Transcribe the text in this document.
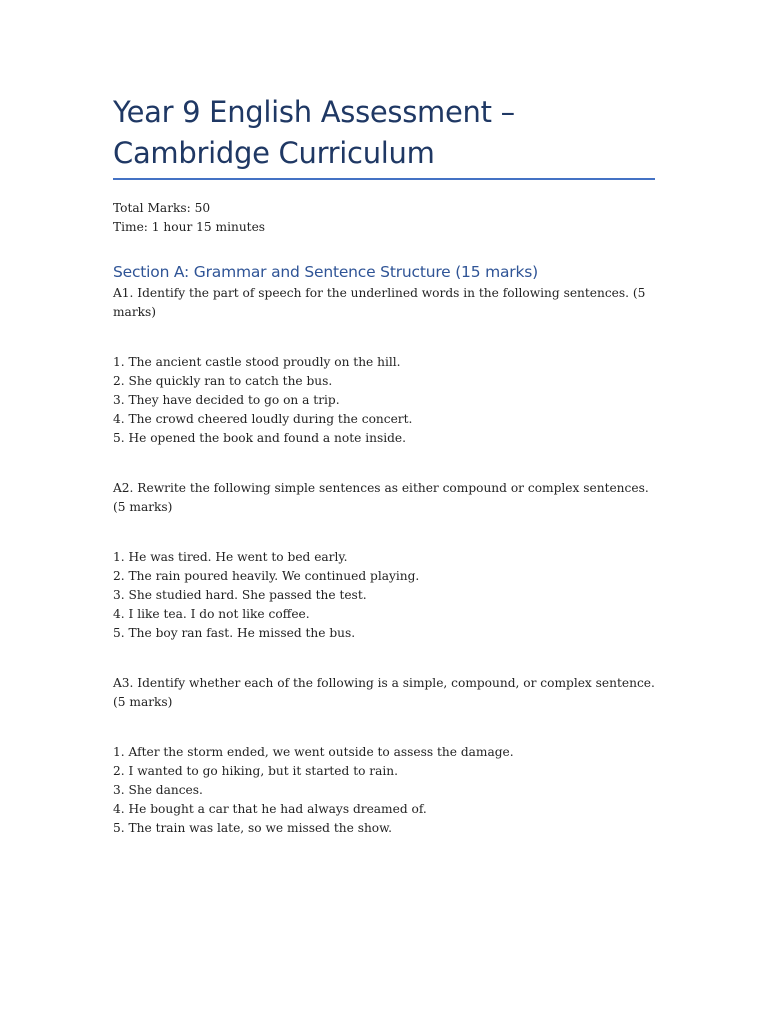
Year 9 English Assessment – Cambridge Curriculum

Total Marks: 50

Time: 1 hour 15 minutes

Section A: Grammar and Sentence Structure (15 marks)

A1. Identify the part of speech for the underlined words in the following sentences. (5 marks)

1. The ancient castle stood proudly on the hill.
2. She quickly ran to catch the bus.
3. They have decided to go on a trip.
4. The crowd cheered loudly during the concert.
5. He opened the book and found a note inside.

A2. Rewrite the following simple sentences as either compound or complex sentences. (5 marks)

1. He was tired. He went to bed early.
2. The rain poured heavily. We continued playing.
3. She studied hard. She passed the test.
4. I like tea. I do not like coffee.
5. The boy ran fast. He missed the bus.

A3. Identify whether each of the following is a simple, compound, or complex sentence. (5 marks)

1. After the storm ended, we went outside to assess the damage.
2. I wanted to go hiking, but it started to rain.
3. She dances.
4. He bought a car that he had always dreamed of.
5. The train was late, so we missed the show.
